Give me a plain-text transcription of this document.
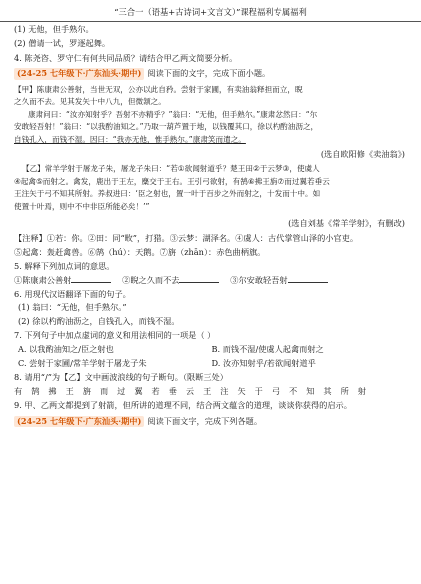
“三合一（语基+古诗词+文言文）”课程福利专属福利
(1) 无他，但手熟尔。
(2) 僧请一试，罗逐起舞。
4. 陈尧咨、罗守仁有何共同品质？请结合甲乙两文简要分析。
(24-25 七年级下·广东汕头·期中) 阅读下面的文字，完成下面小题。
【甲】陈康肃公善射，当世无双，公亦以此自矜。尝射于家圃，有卖油翁释担而立，睨
之久而不去。见其发矢十中八九，但微颔之。
康肃问曰：“汝亦知射乎？吾射不亦精乎？”翁曰：“无他，但手熟尔。”康肃忿然曰：“尔
安敢轻吾射！”翁曰：“以我酌油知之。”乃取一葫芦置于地，以钱覆其口，徐以杓酌油沥之，
自钱孔入，而钱不湿。因曰：“我亦无他，惟手熟尔。”康肃笑而遣之。
(选自欧阳修《卖油翁》)
【乙】常羊学射于屠龙子朱，屠龙子朱曰：“若①欲闻射道乎？楚王田②于云梦③，使虞人
④起禽⑤而射之。禽发，鹿出于王左，麋交于王右。王引弓欲射，有鹄⑥拂王旃⑦而过翼若垂云
王注矢于弓不知其所射。养叔进曰：‘臣之射也，置一叶于百步之外而射之，十发而十中。如
使置十叶焉，则中不中非臣所能必矣！’”
(选自刘基《常羊学射》，有删改)
【注释】①若：你。②田：同“畋”，打猎。③云梦：湖泽名。④虞人：古代掌管山泽的小官吏。
⑤起禽：轰赶禽兽。⑥鹄（hú）：天鹅。⑦旃（zhān）：赤色曲柄旗。
5. 解释下列加点词的意思。
①陈康肃公善射 	②睨之久而不去 	③尔安敢轻吾射
6. 用现代汉语翻译下面的句子。
(1) 翁曰：“无他，但手熟尔。”
(2) 徐以杓酌油沥之，自钱孔入，而钱不湿。
7. 下列句子中加点虚词的意义和用法相同的一项是（ ）
A. 以我酌油知之/臣之射也	B. 而钱不湿/使虞人起禽而射之
C. 尝射于家圃/常羊学射于屠龙子朱	D. 汝亦知射乎/若欲闻射道乎
8. 请用“/”为【乙】文中画波浪线的句子断句。（限断三处）
有 鹄 拂 王 旃 而 过 翼 若 垂 云 王 注 矢 于 弓 不 知 其 所 射
9. 甲、乙两文都提到了射箭，但所讲的道理不同，结合两文蕴含的道理，谈谈你获得的启示。
(24-25 七年级下·广东汕头·期中) 阅读下面文字，完成下列各题。
